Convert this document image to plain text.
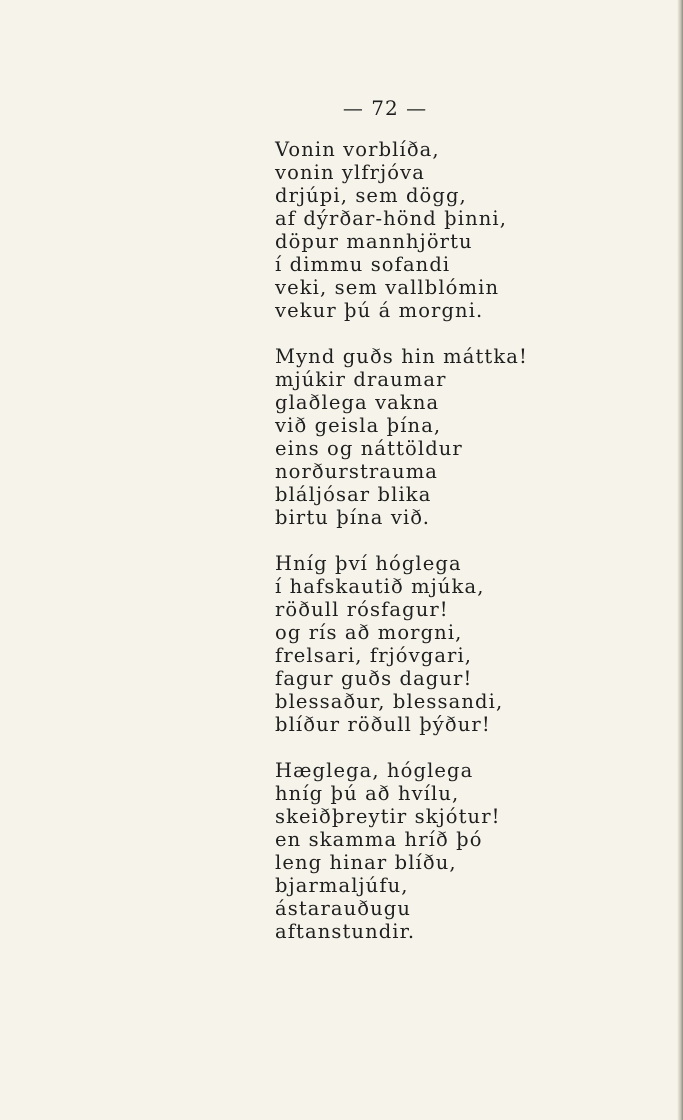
— 72 —
Vonin vorblíða,
vonin ylfrjóva
drjúpi, sem dögg,
af dýrðar-hönd þinni,
döpur mannhjörtu
í dimmu sofandi
veki, sem vallblómin
vekur þú á morgni.
Mynd guðs hin máttka!
mjúkir draumar
glaðlega vakna
við geisla þína,
eins og náttöldur
norðurstrauma
bláljósar blika
birtu þína við.
Hníg því hóglega
í hafskautið mjúka,
röðull rósfagur!
og rís að morgni,
frelsari, frjóvgari,
fagur guðs dagur!
blessaður, blessandi,
blíður röðull þýður!
Hæglega, hóglega
hníg þú að hvílu,
skeiðþreytir skjótur!
en skamma hríð þó
leng hinar blíðu,
bjarmaljúfu,
ástarauðugu
aftanstundir.
